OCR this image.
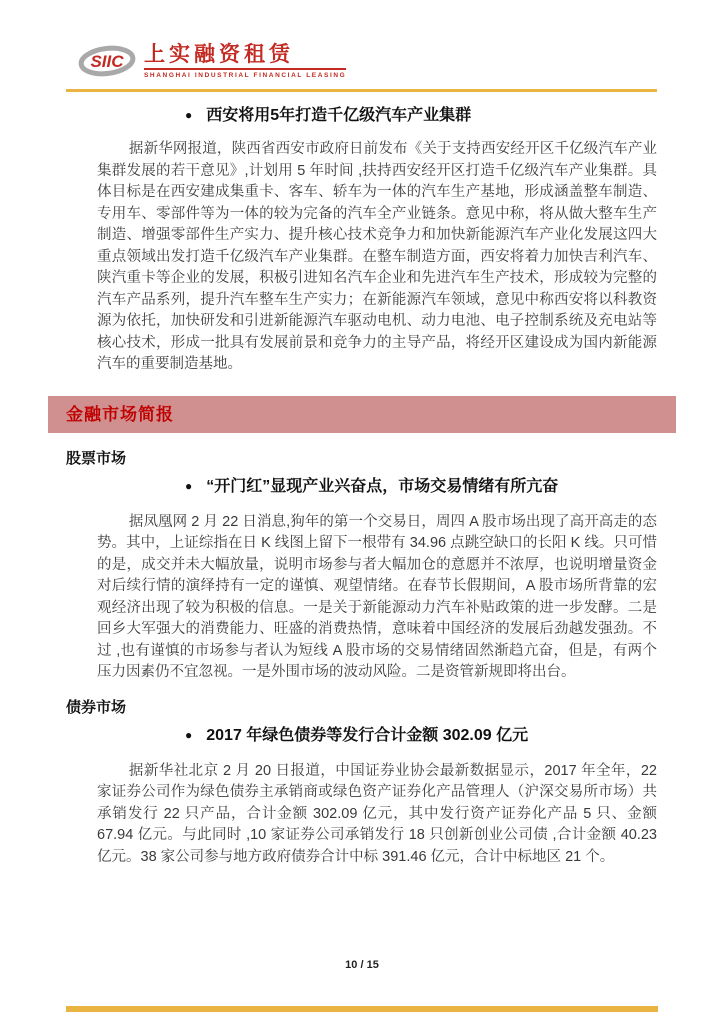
SIIC 上实融资租赁
SHANGHAI INDUSTRIAL FINANCIAL LEASING
● 西安将用5年打造千亿级汽车产业集群

据新华网报道，陕西省西安市政府日前发布《关于支持西安经开区千亿级汽车产业集群发展的若干意见》,计划用 5 年时间 ,扶持西安经开区打造千亿级汽车产业集群。具体目标是在西安建成集重卡、客车、轿车为一体的汽车生产基地，形成涵盖整车制造、专用车、零部件等为一体的较为完备的汽车全产业链条。意见中称，将从做大整车生产制造、增强零部件生产实力、提升核心技术竞争力和加快新能源汽车产业化发展这四大重点领域出发打造千亿级汽车产业集群。在整车制造方面，西安将着力加快吉利汽车、陕汽重卡等企业的发展，积极引进知名汽车企业和先进汽车生产技术，形成较为完整的汽车产品系列，提升汽车整车生产实力；在新能源汽车领域，意见中称西安将以科教资源为依托，加快研发和引进新能源汽车驱动电机、动力电池、电子控制系统及充电站等核心技术，形成一批具有发展前景和竞争力的主导产品，将经开区建设成为国内新能源汽车的重要制造基地。

金融市场简报
股票市场
● “开门红”显现产业兴奋点，市场交易情绪有所亢奋

据凤凰网 2 月 22 日消息,狗年的第一个交易日，周四 A 股市场出现了高开高走的态势。其中，上证综指在日 K 线图上留下一根带有 34.96 点跳空缺口的长阳 K 线。只可惜的是，成交并未大幅放量，说明市场参与者大幅加仓的意愿并不浓厚，也说明增量资金对后续行情的演绎持有一定的谨慎、观望情绪。在春节长假期间，A 股市场所背靠的宏观经济出现了较为积极的信息。一是关于新能源动力汽车补贴政策的进一步发酵。二是回乡大军强大的消费能力、旺盛的消费热情，意味着中国经济的发展后劲越发强劲。不过 ,也有谨慎的市场参与者认为短线 A 股市场的交易情绪固然渐趋亢奋，但是，有两个压力因素仍不宜忽视。一是外围市场的波动风险。二是资管新规即将出台。

债券市场
● 2017 年绿色债券等发行合计金额 302.09 亿元

据新华社北京 2 月 20 日报道，中国证券业协会最新数据显示，2017 年全年，22 家证券公司作为绿色债券主承销商或绿色资产证券化产品管理人（沪深交易所市场）共承销发行 22 只产品，合计金额 302.09 亿元，其中发行资产证券化产品 5 只、金额 67.94 亿元。与此同时 ,10 家证券公司承销发行 18 只创新创业公司债 ,合计金额 40.23 亿元。38 家公司参与地方政府债券合计中标 391.46 亿元，合计中标地区 21 个。

10 / 15
